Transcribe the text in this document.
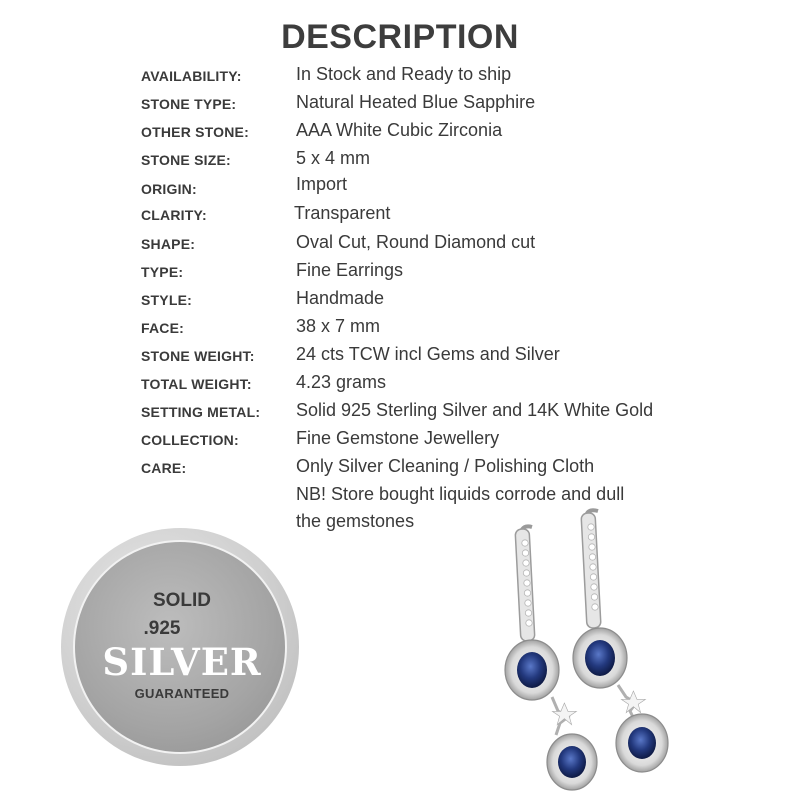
DESCRIPTION
AVAILABILITY:	In Stock and Ready to ship
STONE TYPE:	Natural Heated Blue Sapphire
OTHER STONE:	AAA White Cubic Zirconia
STONE SIZE:	5 x 4 mm
ORIGIN:	Import
CLARITY:	Transparent
SHAPE:	Oval Cut, Round Diamond cut
TYPE:	Fine Earrings
STYLE:	Handmade
FACE:	38 x 7 mm
STONE WEIGHT: 24 cts TCW incl Gems and Silver
TOTAL WEIGHT: 4.23 grams
SETTING METAL: Solid 925 Sterling Silver and 14K White Gold
COLLECTION:	Fine Gemstone Jewellery
CARE:	Only Silver Cleaning / Polishing Cloth
NB! Store bought liquids corrode and dull
the gemstones
SOLID
.925
SILVER
GUARANTEED
